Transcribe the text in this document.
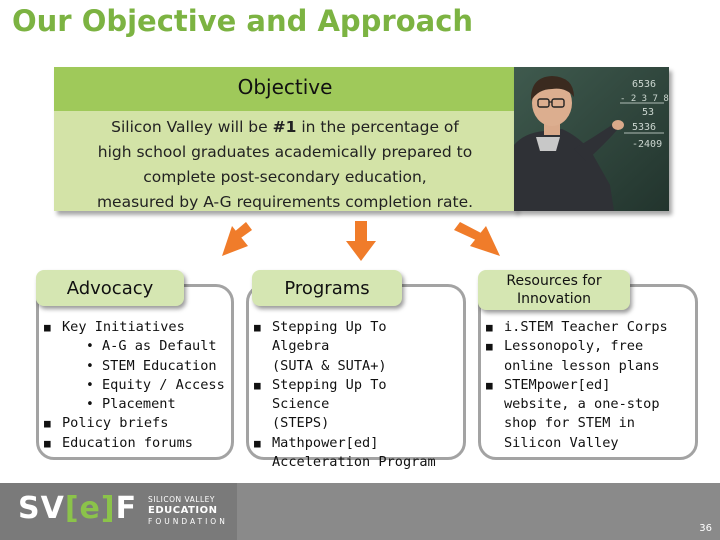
Our Objective and Approach
Objective
Silicon Valley will be #1 in the percentage of
high school graduates academically prepared to
complete post-secondary education,
measured by A-G requirements completion rate.
6536
- 2 3 7 8
53
5336
-2409
Advocacy
■ Key Initiatives
• A-G as Default
• STEM Education
• Equity / Access
• Placement
■ Policy briefs
■ Education forums
Programs
■ Stepping Up To Algebra
(SUTA & SUTA+)
■ Stepping Up To Science
(STEPS)
■ Mathpower[ed]
Acceleration Program
Resources for
Innovation
■ i.STEM Teacher Corps
■ Lessonopoly, free
online lesson plans
■ STEMpower[ed]
website, a one-stop
shop for STEM in
Silicon Valley
SV[e]F SILICON VALLEY
EDUCATION
FOUNDATION
36
